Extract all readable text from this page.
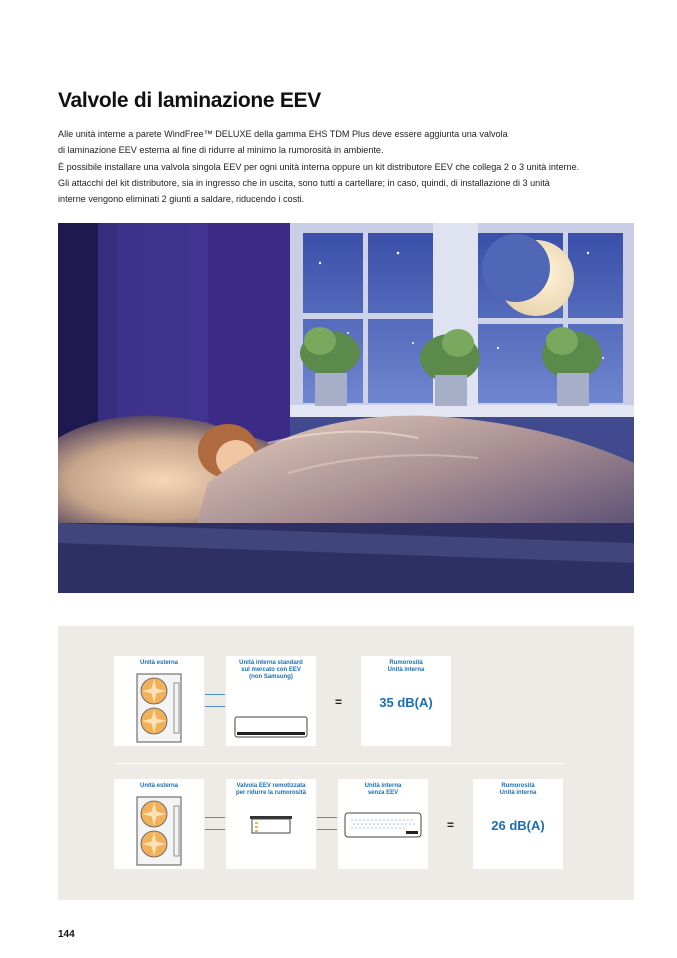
Valvole di laminazione EEV

Alle unità interne a parete WindFree™ DELUXE della gamma EHS TDM Plus deve essere aggiunta una valvola

di laminazione EEV esterna al fine di ridurre al minimo la rumorosità in ambiente.

È possibile installare una valvola singola EEV per ogni unità interna oppure un kit distributore EEV che collega 2 o 3 unità interne.

Gli attacchi del kit distributore, sia in ingresso che in uscita, sono tutti a cartellare; in caso, quindi, di installazione di 3 unità

interne vengono eliminati 2 giunti a saldare, riducendo i costi.

Unità esterna	Unità interna standard
sul mercato con EEV
(non Samsung)
=
Rumorosità
Unità interna
35 dB(A)
Unità esterna	Valvola EEV remotizzata
per ridurre la rumorosità
Unità interna
senza EEV
=
Rumorosità
Unità interna
26 dB(A)
144
